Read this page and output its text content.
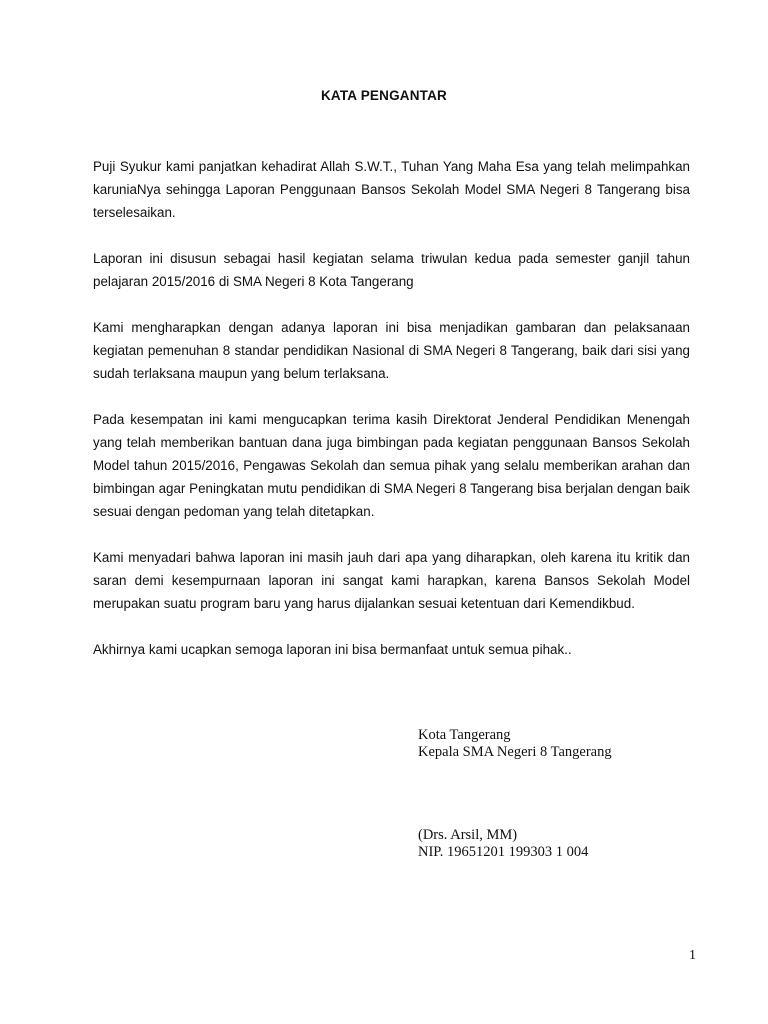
KATA PENGANTAR

Puji Syukur kami panjatkan kehadirat Allah S.W.T., Tuhan Yang Maha Esa yang telah melimpahkan karuniaNya sehingga Laporan Penggunaan Bansos Sekolah Model SMA Negeri 8 Tangerang bisa terselesaikan.

Laporan ini disusun sebagai hasil kegiatan selama triwulan kedua pada semester ganjil tahun pelajaran 2015/2016 di SMA Negeri 8 Kota Tangerang

Kami mengharapkan dengan adanya laporan ini bisa menjadikan gambaran dan pelaksanaan kegiatan pemenuhan 8 standar pendidikan Nasional di SMA Negeri 8 Tangerang, baik dari sisi yang sudah terlaksana maupun yang belum terlaksana.

Pada kesempatan ini kami mengucapkan terima kasih Direktorat Jenderal Pendidikan Menengah yang telah memberikan bantuan dana juga bimbingan pada kegiatan penggunaan Bansos Sekolah Model tahun 2015/2016, Pengawas Sekolah dan semua pihak yang selalu memberikan arahan dan bimbingan agar Peningkatan mutu pendidikan di SMA Negeri 8 Tangerang bisa berjalan dengan baik sesuai dengan pedoman yang telah ditetapkan.

Kami menyadari bahwa laporan ini masih jauh dari apa yang diharapkan, oleh karena itu kritik dan saran demi kesempurnaan laporan ini sangat kami harapkan, karena Bansos Sekolah Model merupakan suatu program baru yang harus dijalankan sesuai ketentuan dari Kemendikbud.

Akhirnya kami ucapkan semoga laporan ini bisa bermanfaat untuk semua pihak..

Kota Tangerang
Kepala SMA Negeri 8 Tangerang
(Drs. Arsil, MM)
NIP. 19651201 199303 1 004
1
